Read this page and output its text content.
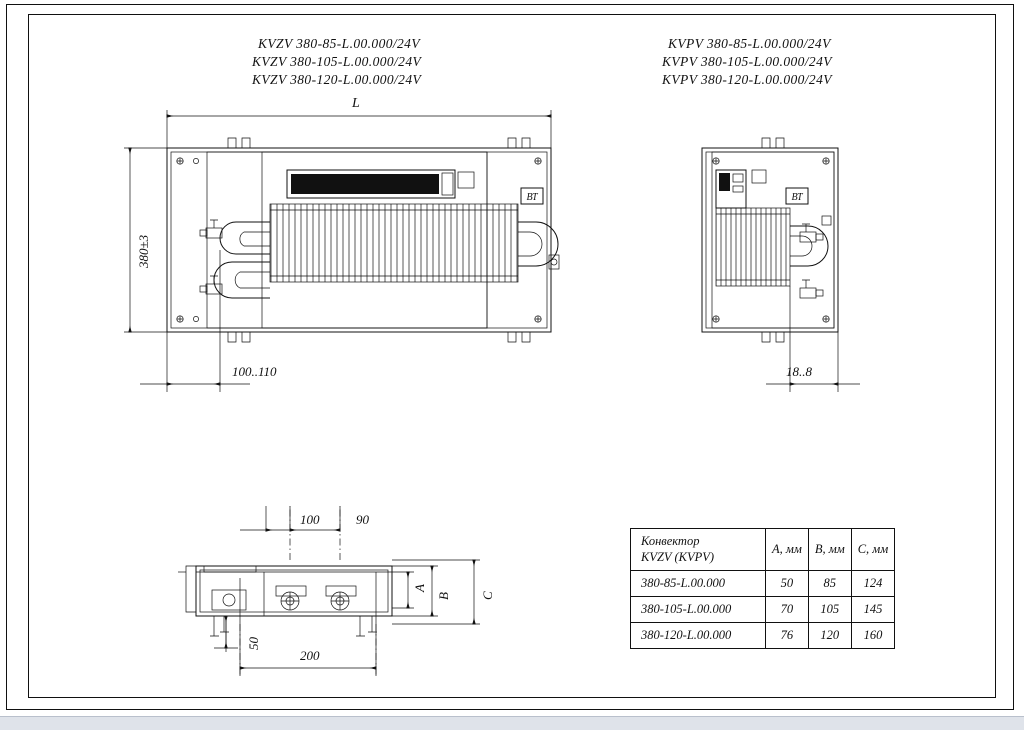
KVZV 380-85-L.00.000/24V
KVZV 380-105-L.00.000/24V
KVZV 380-120-L.00.000/24V
KVPV 380-85-L.00.000/24V
KVPV 380-105-L.00.000/24V
KVPV 380-120-L.00.000/24V
L
380±3
100..110	18..8
100	90
200
50
A
B C
ВТ	ВТ
Конвектор
KVZV (KVPV)	А, мм	B, мм	C, мм
380-85-L.00.000	50	85	124
380-105-L.00.000	70	105	145
380-120-L.00.000	76	120	160
